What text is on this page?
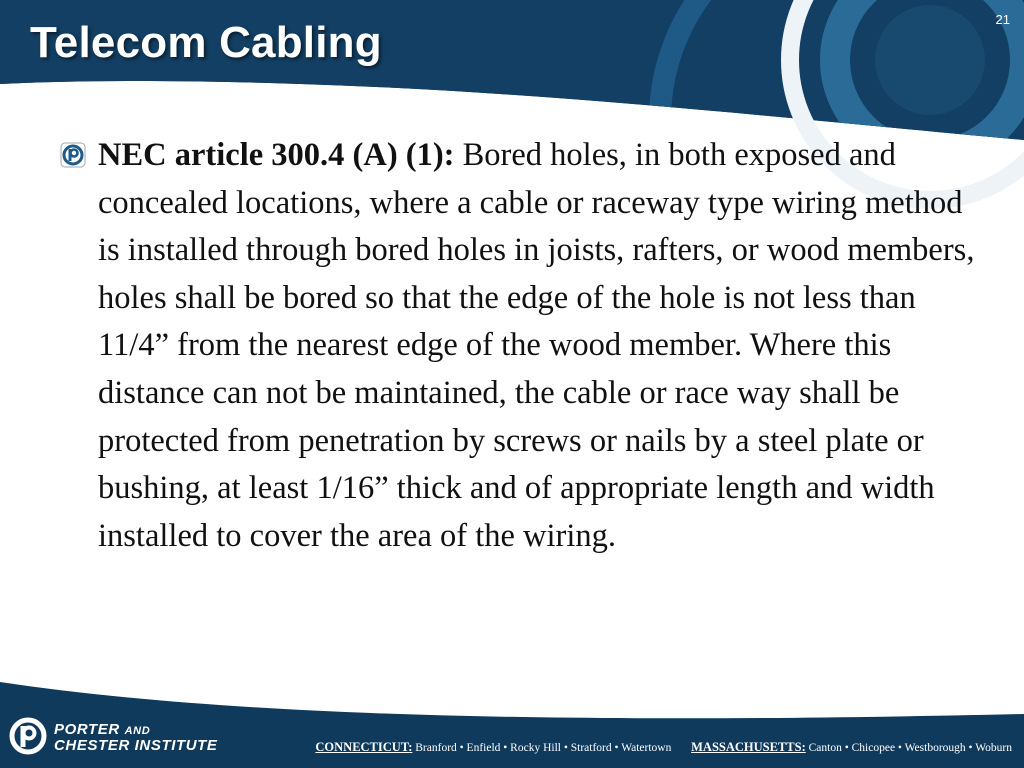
21
Telecom Cabling

NEC article 300.4 (A) (1): Bored holes, in both exposed and concealed locations, where a cable or raceway type wiring method is installed through bored holes in joists, rafters, or wood members, holes shall be bored so that the edge of the hole is not less than 11/4” from the nearest edge of the wood member. Where this distance can not be maintained, the cable or race way shall be protected from penetration by screws or nails by a steel plate or bushing, at least 1/16” thick and of appropriate length and width installed to cover the area of the wiring.

PORTER AND
CHESTER INSTITUTE	CONNECTICUT: Branford • Enfield • Rocky Hill • Stratford • Watertown MASSACHUSETTS: Canton • Chicopee • Westborough • Woburn
